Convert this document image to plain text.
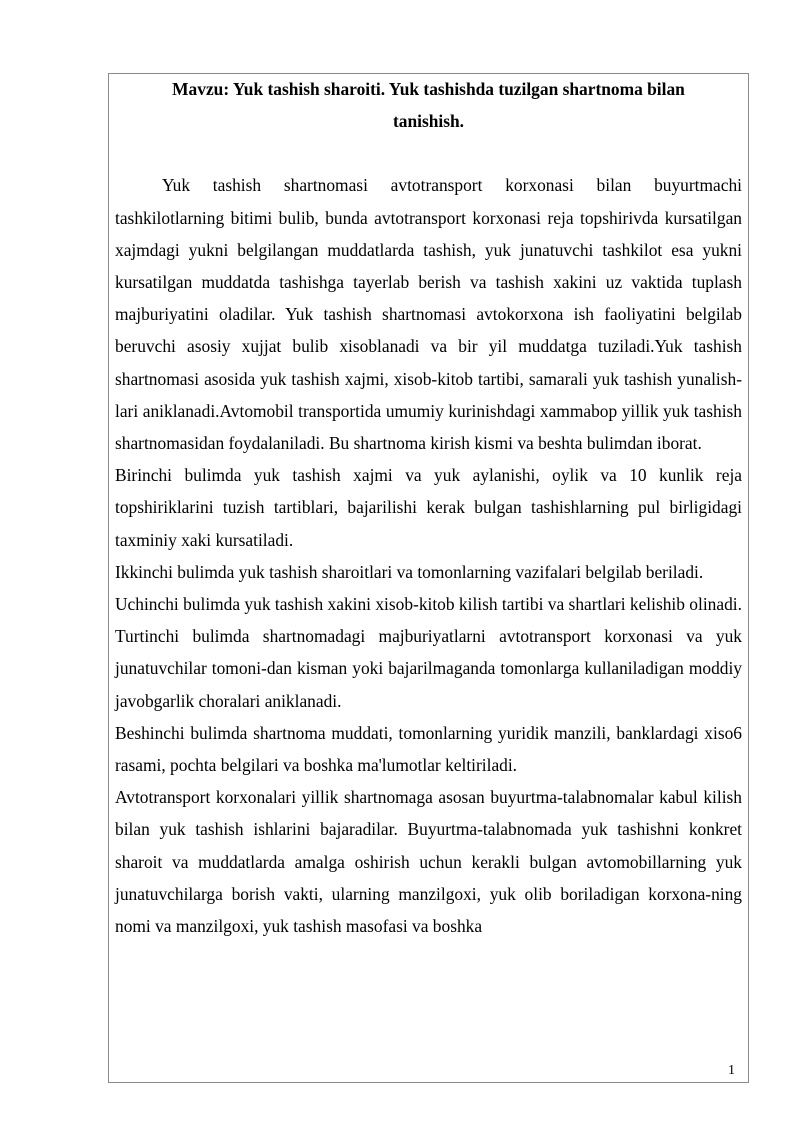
Mavzu: Yuk tashish sharoiti. Yuk tashishda tuzilgan shartnoma bilan
tanishish.

Yuk tashish shartnomasi avtotransport korxonasi bilan buyurtmachi tashkilotlarning bitimi bulib, bunda avtotransport korxonasi reja topshirivda kursatilgan xajmdagi yukni belgilangan muddatlarda tashish, yuk junatuvchi tashkilot esa yukni kursatilgan muddatda tashishga tayerlab berish va tashish xakini uz vaktida tuplash majburiyatini oladilar. Yuk tashish shartnomasi avtokorxona ish faoliyatini belgilab beruvchi asosiy xujjat bulib xisoblanadi va bir yil muddatga tuziladi.Yuk tashish shartnomasi asosida yuk tashish xajmi, xisob-kitob tartibi, samarali yuk tashish yunalish-lari aniklanadi.Avtomobil transportida umumiy kurinishdagi xammabop yillik yuk tashish shartnomasidan foydalaniladi. Bu shartnoma kirish kismi va beshta bulimdan iborat.

Birinchi bulimda yuk tashish xajmi va yuk aylanishi, oylik va 10 kunlik reja topshiriklarini tuzish tartiblari, bajarilishi kerak bulgan tashishlarning pul birligidagi taxminiy xaki kursatiladi.

Ikkinchi bulimda yuk tashish sharoitlari va tomonlarning vazifalari belgilab beriladi.

Uchinchi bulimda yuk tashish xakini xisob-kitob kilish tartibi va shartlari kelishib olinadi.

Turtinchi bulimda shartnomadagi majburiyatlarni avtotransport korxonasi va yuk junatuvchilar tomoni-dan kisman yoki bajarilmaganda tomonlarga kullaniladigan moddiy javobgarlik choralari aniklanadi.

Beshinchi bulimda shartnoma muddati, tomonlarning yuridik manzili, banklardagi xiso6 rasami, pochta belgilari va boshka ma'lumotlar keltiriladi.

Avtotransport korxonalari yillik shartnomaga asosan buyurtma-talabnomalar kabul kilish bilan yuk tashish ishlarini bajaradilar. Buyurtma-talabnomada yuk tashishni konkret sharoit va muddatlarda amalga oshirish uchun kerakli bulgan avtomobillarning yuk junatuvchilarga borish vakti, ularning manzilgoxi, yuk olib boriladigan korxona-ning nomi va manzilgoxi, yuk tashish masofasi va boshka

1
